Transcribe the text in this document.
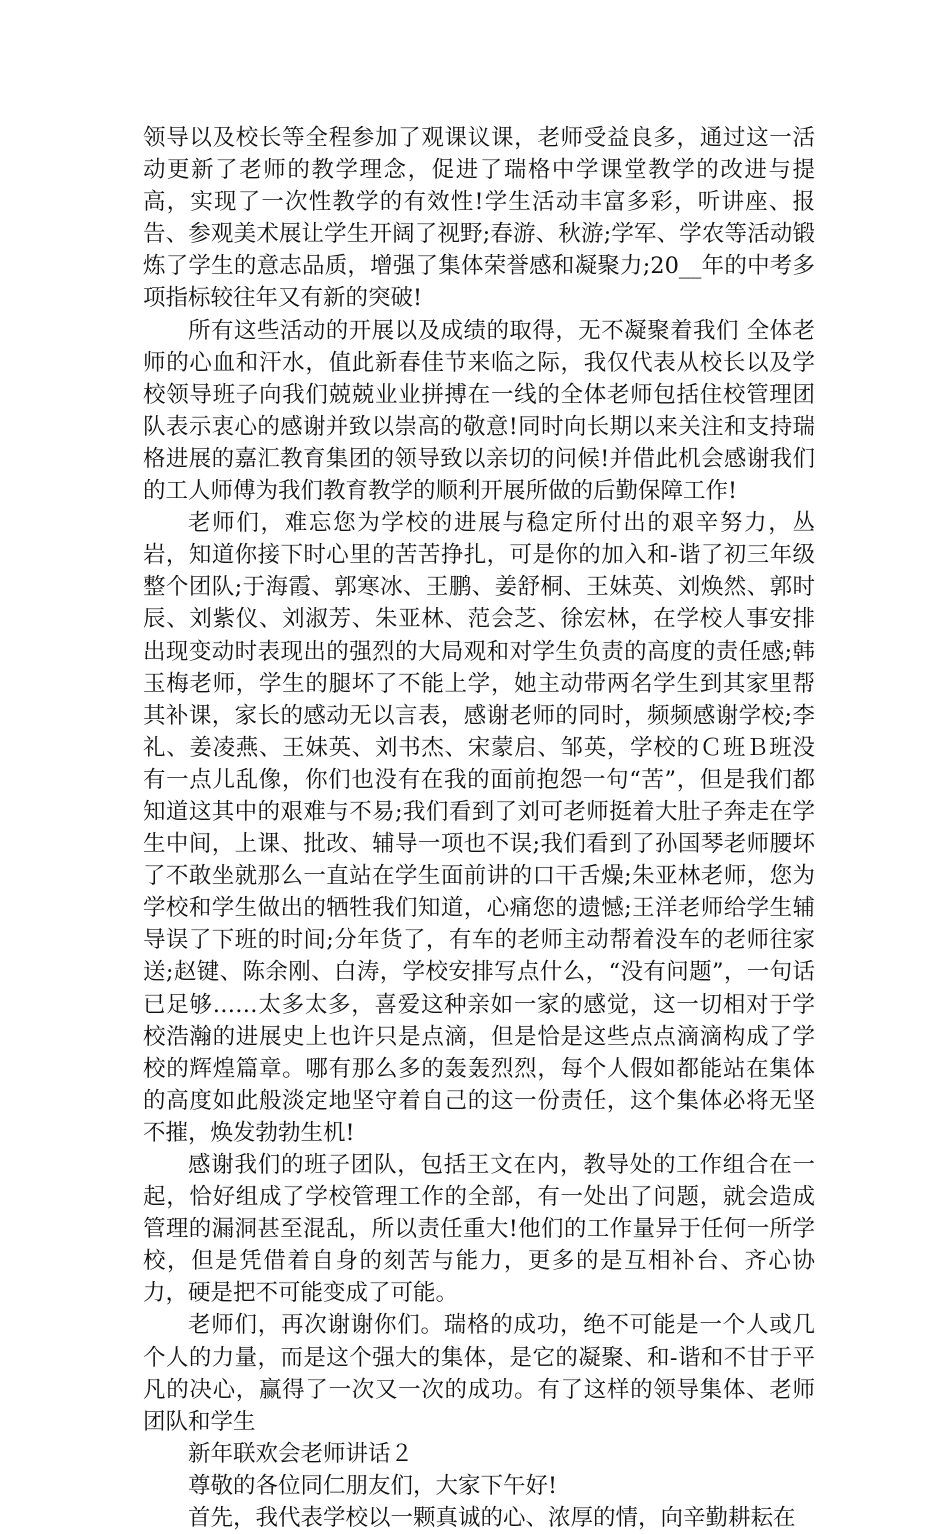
领导以及校长等全程参加了观课议课，老师受益良多，通过这一活动更新了老师的教学理念，促进了瑞格中学课堂教学的改进与提高，实现了一次性教学的有效性!学生活动丰富多彩，听讲座、报告、参观美术展让学生开阔了视野;春游、秋游;学军、学农等活动锻炼了学生的意志品质，增强了集体荣誉感和凝聚力;20__年的中考多项指标较往年又有新的突破!

所有这些活动的开展以及成绩的取得，无不凝聚着我们 全体老师的心血和汗水，值此新春佳节来临之际，我仅代表从校长以及学校领导班子向我们兢兢业业拼搏在一线的全体老师包括住校管理团队表示衷心的感谢并致以崇高的敬意!同时向长期以来关注和支持瑞格进展的嘉汇教育集团的领导致以亲切的问候!并借此机会感谢我们的工人师傅为我们教育教学的顺利开展所做的后勤保障工作!

老师们，难忘您为学校的进展与稳定所付出的艰辛努力，丛岩，知道你接下时心里的苦苦挣扎，可是你的加入和-谐了初三年级整个团队;于海霞、郭寒冰、王鹏、姜舒桐、王妹英、刘焕然、郭时辰、刘紫仪、刘淑芳、朱亚林、范会芝、徐宏林，在学校人事安排出现变动时表现出的强烈的大局观和对学生负责的高度的责任感;韩玉梅老师，学生的腿坏了不能上学，她主动带两名学生到其家里帮其补课，家长的感动无以言表，感谢老师的同时，频频感谢学校;李礼、姜凌燕、王妹英、刘书杰、宋蒙启、邹英，学校的Ｃ班Ｂ班没有一点儿乱像，你们也没有在我的面前抱怨一句“苦”，但是我们都知道这其中的艰难与不易;我们看到了刘可老师挺着大肚子奔走在学生中间，上课、批改、辅导一项也不误;我们看到了孙国琴老师腰坏了不敢坐就那么一直站在学生面前讲的口干舌燥;朱亚林老师，您为学校和学生做出的牺牲我们知道，心痛您的遗憾;王洋老师给学生辅导误了下班的时间;分年货了，有车的老师主动帮着没车的老师往家送;赵键、陈余刚、白涛，学校安排写点什么，“没有问题”，一句话已足够……太多太多，喜爱这种亲如一家的感觉，这一切相对于学校浩瀚的进展史上也许只是点滴，但是恰是这些点点滴滴构成了学校的辉煌篇章。哪有那么多的轰轰烈烈，每个人假如都能站在集体的高度如此般淡定地坚守着自己的这一份责任，这个集体必将无坚不摧，焕发勃勃生机!

感谢我们的班子团队，包括王文在内，教导处的工作组合在一起，恰好组成了学校管理工作的全部，有一处出了问题，就会造成管理的漏洞甚至混乱，所以责任重大!他们的工作量异于任何一所学校，但是凭借着自身的刻苦与能力，更多的是互相补台、齐心协力，硬是把不可能变成了可能。

老师们，再次谢谢你们。瑞格的成功，绝不可能是一个人或几个人的力量，而是这个强大的集体，是它的凝聚、和-谐和不甘于平凡的决心，赢得了一次又一次的成功。有了这样的领导集体、老师团队和学生

新年联欢会老师讲话２

尊敬的各位同仁朋友们，大家下午好!

首先，我代表学校以一颗真诚的心、浓厚的情，向辛勤耕耘在
